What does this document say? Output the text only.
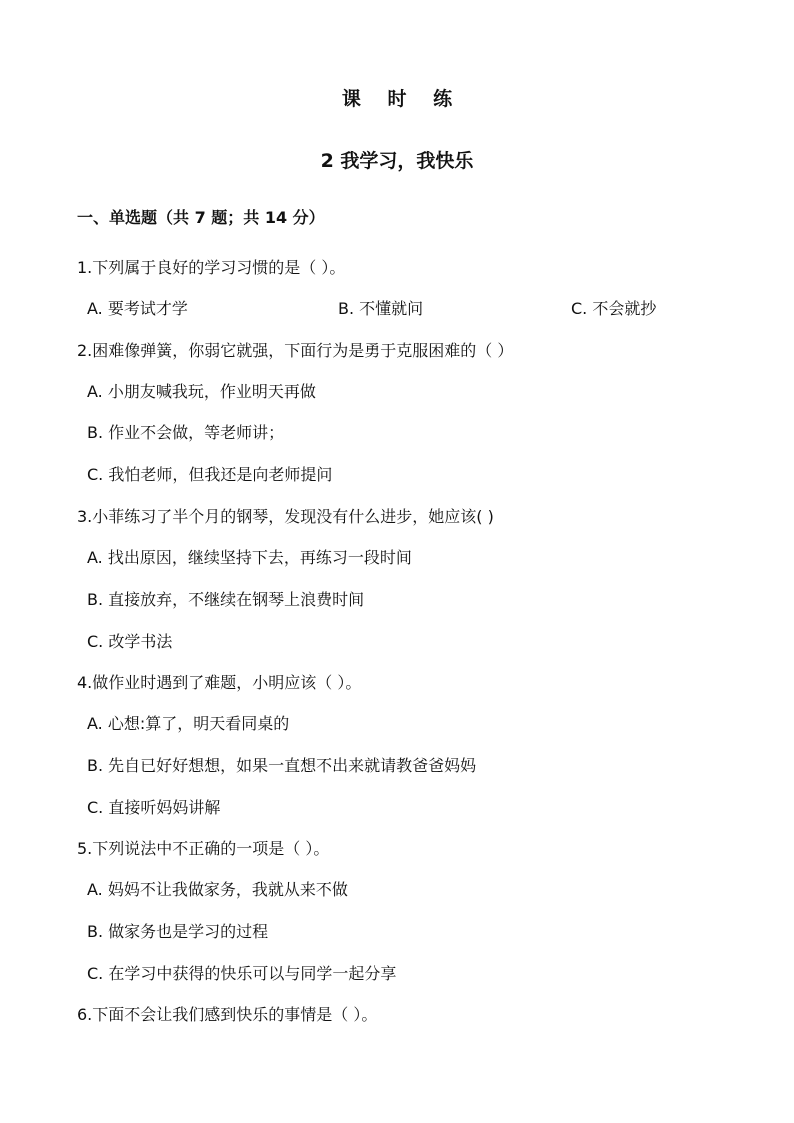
课 时 练
2 我学习，我快乐
一、单选题（共 7 题；共 14 分）
1.下列属于良好的学习习惯的是（ ）。
A. 要考试才学	B. 不懂就问	C. 不会就抄
2.困难像弹簧，你弱它就强，下面行为是勇于克服困难的（ ）
A. 小朋友喊我玩，作业明天再做
B. 作业不会做，等老师讲；
C. 我怕老师，但我还是向老师提问
3.小菲练习了半个月的钢琴，发现没有什么进步，她应该( )
A. 找出原因，继续坚持下去，再练习一段时间
B. 直接放弃，不继续在钢琴上浪费时间
C. 改学书法
4.做作业时遇到了难题，小明应该（ ）。
A. 心想:算了，明天看同桌的
B. 先自已好好想想，如果一直想不出来就请教爸爸妈妈
C. 直接听妈妈讲解
5.下列说法中不正确的一项是（ ）。
A. 妈妈不让我做家务，我就从来不做
B. 做家务也是学习的过程
C. 在学习中获得的快乐可以与同学一起分享
6.下面不会让我们感到快乐的事情是（ ）。
